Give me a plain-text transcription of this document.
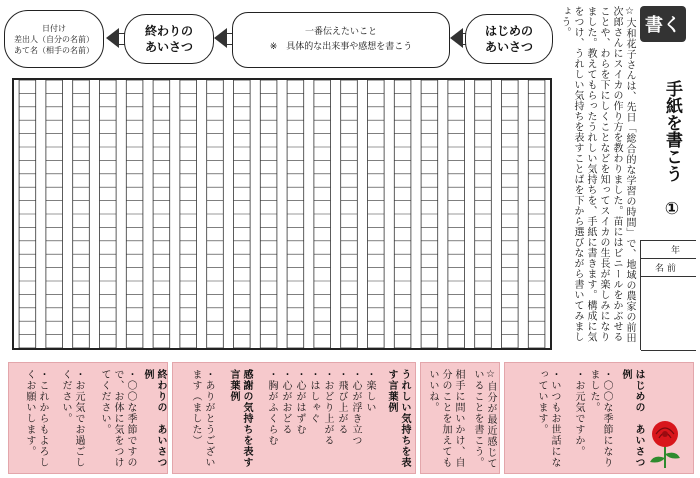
日付け
差出人（自分の名前）
あて名（相手の名前）
終わりの
あいさつ
一番伝えたいこと
※　具体的な出来事や感想を書こう
はじめの
あいさつ	☆大和花子さんは、先日「総合的な学習の時間」で、地域の農家の前田次郎さんにスイカの作り方を教わりました。苗にはビニールをかぶせることや、わらを下にしくことなどを知ってスイカの生長が楽しみになりました。教えてもらったうれしい気持ちを、手紙に書きます。構成に気をつけ、うれしい気持ちを表すことばを下から選びながら書いてみましょう。	書く
手紙を書こう　①
年
名 前
終わりの　あいさつ例
・〇〇な季節ですので、お体に気をつけてください。
・お元気でお過ごしください。
・これからもよろしくお願いします。	うれしい気持ちを表す言葉例
・楽しい
・心が浮き立つ
・飛び上がる
・おどり上がる
・はしゃぐ
・心がはずむ
・心がおどる
・胸がふくらむ
感謝の気持ちを表す言葉例
・ありがとうございます（ました）	☆自分が最近感じていることを書こう。
相手に問いかけ、自分のことを加えてもいいね。	はじめの　あいさつ例
・〇〇な季節になりました。
・お元気ですか。
・いつもお世話になっています。
